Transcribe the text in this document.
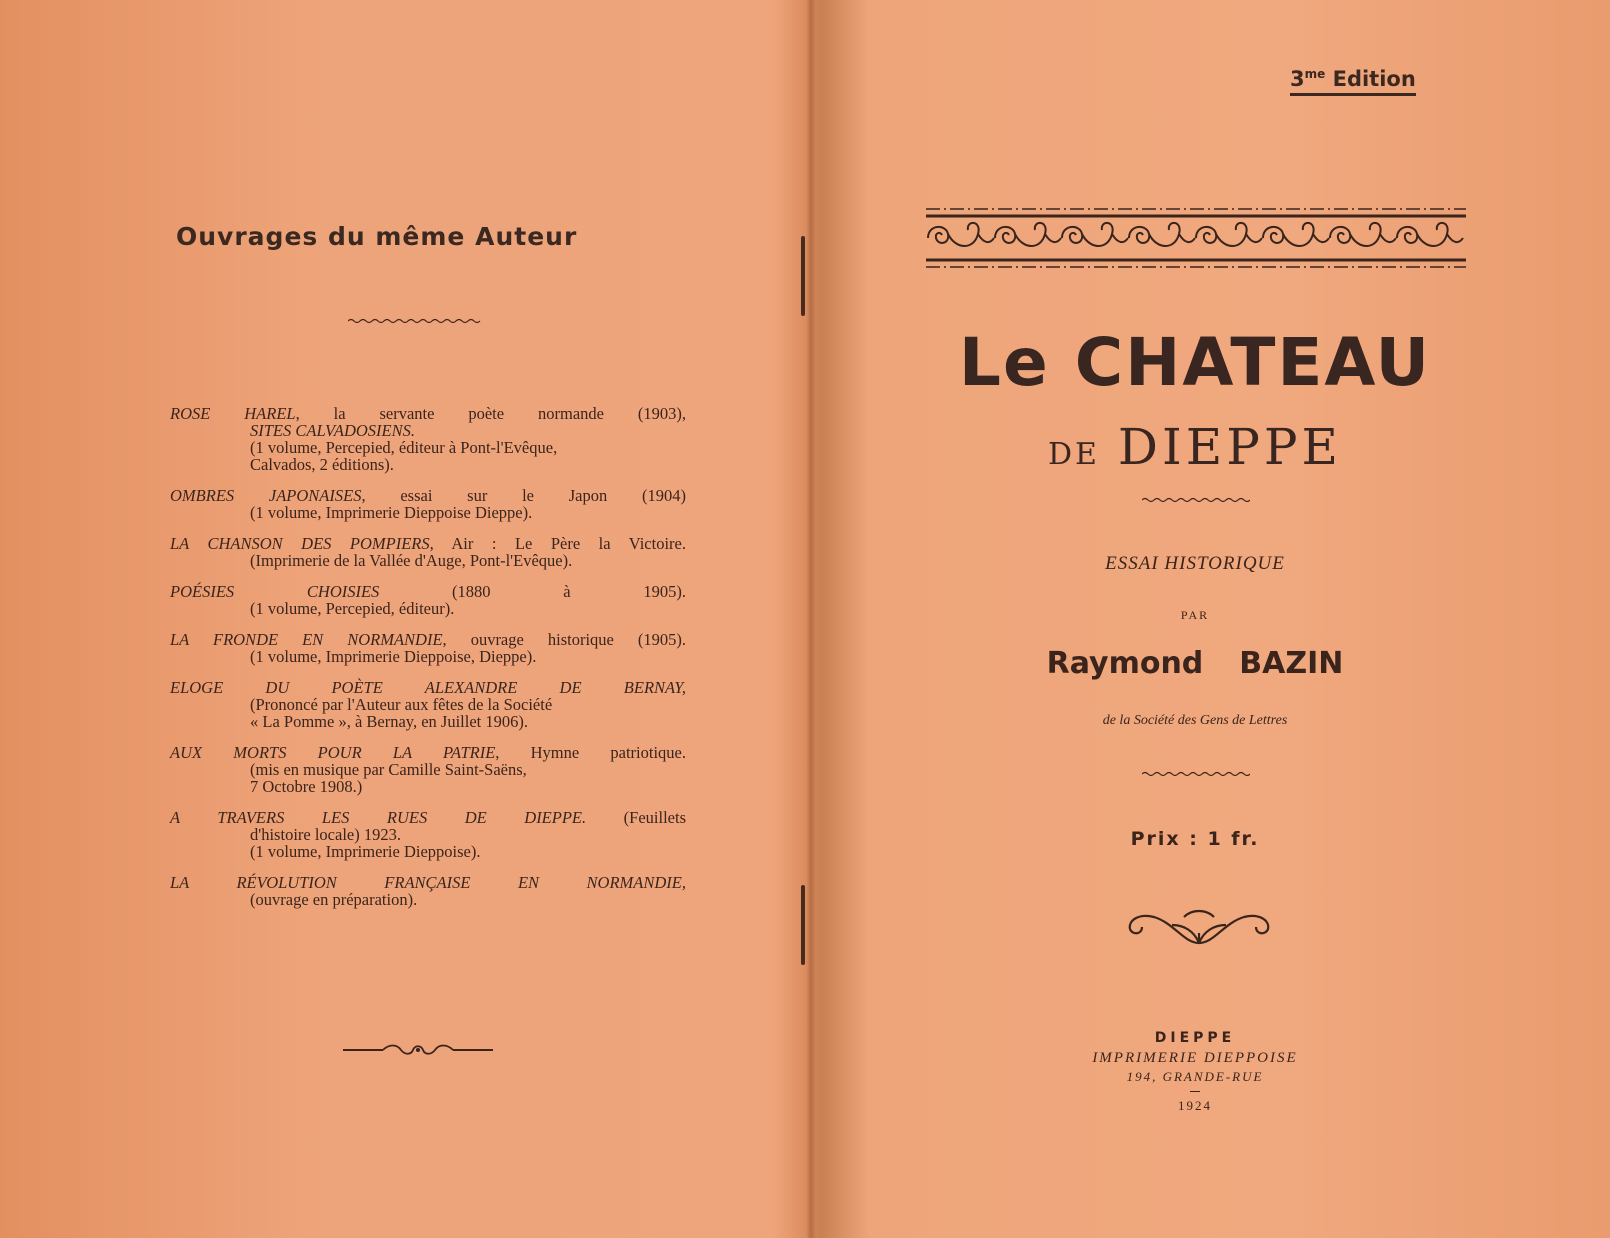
Ouvrages du même Auteur
ROSE HAREL, la servante poète normande (1903),
SITES CALVADOSIENS.
(1 volume, Percepied, éditeur à Pont-l'Evêque,
Calvados, 2 éditions).
OMBRES JAPONAISES, essai sur le Japon (1904)
(1 volume, Imprimerie Dieppoise Dieppe).
LA CHANSON DES POMPIERS, Air : Le Père la Victoire.
(Imprimerie de la Vallée d'Auge, Pont-l'Evêque).
POÉSIES CHOISIES (1880 à 1905).
(1 volume, Percepied, éditeur).
LA FRONDE EN NORMANDIE, ouvrage historique (1905).
(1 volume, Imprimerie Dieppoise, Dieppe).
ELOGE DU POÈTE ALEXANDRE DE BERNAY,
(Prononcé par l'Auteur aux fêtes de la Société
« La Pomme », à Bernay, en Juillet 1906).
AUX MORTS POUR LA PATRIE, Hymne patriotique.
(mis en musique par Camille Saint-Saëns,
7 Octobre 1908.)
A TRAVERS LES RUES DE DIEPPE. (Feuillets
d'histoire locale) 1923.
(1 volume, Imprimerie Dieppoise).
LA RÉVOLUTION FRANÇAISE EN NORMANDIE,
(ouvrage en préparation).
$3^{me}$ Edition
Le CHATEAU
DE DIEPPE
ESSAI HISTORIQUE
PAR
Raymond BAZIN
de la Société des Gens de Lettres
Prix : 1 fr.
DIEPPE
IMPRIMERIE DIEPPOISE
194, GRANDE-RUE
1924
